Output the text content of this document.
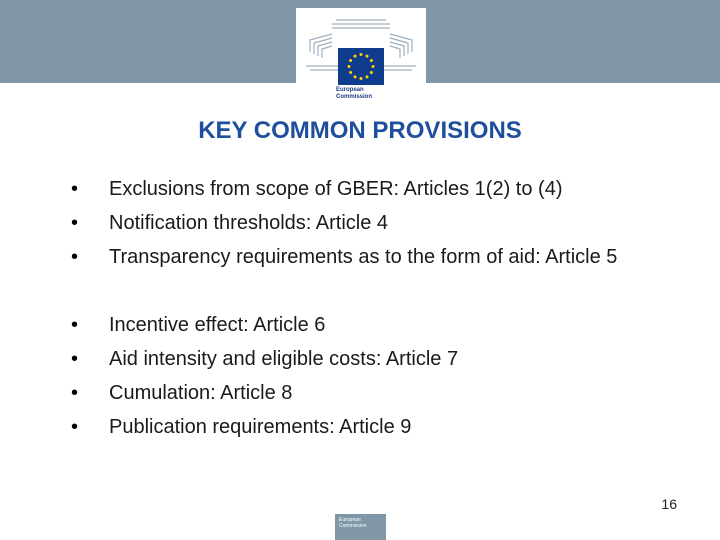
European
Commission
KEY COMMON PROVISIONS
• Exclusions from scope of GBER: Articles 1(2) to (4)
• Notification thresholds: Article 4
• Transparency requirements as to the form of aid: Article 5
• Incentive effect: Article 6
• Aid intensity and eligible costs: Article 7
• Cumulation: Article 8
• Publication requirements: Article 9
16
European Commission
